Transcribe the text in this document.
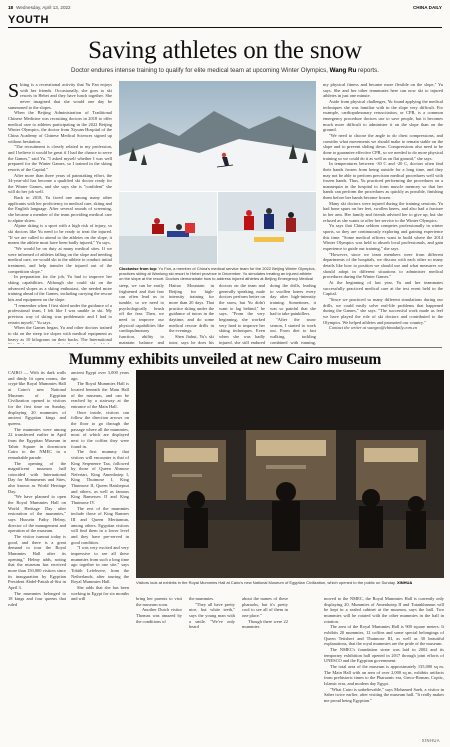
18 Wednesday, April 13, 2022	CHINA DAILY
YOUTH
Saving athletes on the snow
Doctor endures intense training to qualify for elite medical team at upcoming Winter Olympics, Wang Ru reports.
S kiing is a recreational activity that Yu Fan enjoys with her friends. Occasionally, she goes to ski resorts in Hebei and they have lunch together. She never imagined that she would one day be summoned to the slopes.

When the Beijing Administration of Traditional Chinese Medicine was recruiting doctors in 2018 to offer medical care to athletes participating in the 2022 Beijing Winter Olympics, the doctor from Xiyuan Hospital of the China Academy of Chinese Medical Sciences signed up without hesitation.

"The recruitment is closely related to my profession, and I believe it would be great if I had the chance to serve the Games," said Yu. "I asked myself whether I was well prepared for the Winter Games, so I trained in the skiing resorts of the Capital."

After more than three years of painstaking effort, the 34-year-old has become a qualified ski doctor ready for the Winter Games, and she says she is "confident" she will do her job well.

Back in 2018, Yu faced one among many other applicants with her proficiency in medical care, skiing and the English language. After several rounds of screening, she became a member of the team providing medical care to alpine skiers.

Alpine skiing is a sport with a high risk of injury, so ski doctors like Yu need to be ready to treat the injured. "If we are called to attend to the athletes on the slope, it means the athlete must have been badly injured," Yu says.

"We would be on duty at many medical sites. If we were informed of athletes falling on the slope and needing medical care, we would ski to the athlete to conduct initial treatment, and help transfer the injured out of the competition slope."

In preparation for the job, Yu had to improve her skiing capabilities. Although she could ski on the advanced slopes as a skiing enthusiast, she needed more training ahead of the Games, including carrying the rescue kits and equipment on the slope.

"I remember when I first skied under the guidance of a professional team, I felt like I was unable to ski. My previous way of skiing was problematic and I had to retrain myself," Yu says.

When the Games began, Yu and other doctors trained to ski on the steep ice slopes with medical equipment as heavy as 10 kilograms on their backs. The International

Clockwise from top: Yu Fan, a member of China's medical service team for the 2022 Beijing Winter Olympics, practices skiing at Wanlong ski resort in Hebei province in December. Yu simulates treating an injured athlete on the slope at the resort. Doctors demonstrate how to address injured athletes at Beijing Emergency Medical

steep, we can be easily frightened and that fear can often lead us to tumble, so we need to psychologically brush off the fear. Then, we need to improve our physical capabilities like cardiopulmonary function, ability to maintain balance and

Haituo Mountain in Beijing for high-intensity training for more than 20 days. That practice skiing under the guidance of tutors in the daytime, and do some medical rescue drills in the evenings.

Shen Jiahui, Yu's ski tutor, says he does his

doctors on the team and generally speaking, male doctors perform better on the snow, but Yu didn't want to lag behind," he says. "From the very beginning, she worked very hard to improve her skiing techniques. Even when she was badly injured, she still endured

doing the drills, leading to swollen knees every day after high-intensity training. Sometimes, it was so painful that she had to take painkillers.

"After the snow season, I started to work out. From diet to fast walking, tackling combined with running,

my physical fitness and became more flexible on the slope," Yu says. She and her other teammates here can now ski to injured athletes in just one minute.

Aside from physical challenges, Yu found applying the medical techniques she was familiar with in the slope very difficult. For example, cardiopulmonary resuscitation, or CPR, is a common emergency procedure doctors use to save people, but it becomes much more difficult to administer it on the slope than on the ground.

"We need to choose the angle to do chest compressions, and consider what movements we should make to remain stable on the slope and to prevent sliding down. Compressions also need to be done to guarantee effective CPR, so we needed to do more physical training so we could do it as well as on flat ground," she says.

In temperatures between -30 C and -20 C, doctors often find their hands frozen from being outside for a long time, and they may not be able to perform precision medical procedures well with frozen hands. Thus, Yu practiced performing the procedures on a mannequin in the hospital to form muscle memory so that her hands can perform the procedures as quickly as possible, finishing them before her hands become frozen.

Many ski doctors were injured during the training sessions. Yu had bone spurs on her feet, swollen knees, and also had a fracture in her arm. Her family and friends advised her to give up, but she refused as she wants to offer her service to the Winter Olympics.

Yu says that China seldom competes professionally in winter sports, so they are continuously exploring and gaining experience this time. "Some medical officers want to build where the 2014 Winter Olympics was held to absorb local professionals, and gain experience to guide our training," she says.

"However, since we team members were from different departments of the hospitals, we discuss with each other so many details like how to position we should use and what measures we should adopt in different situations to administer medical procedures during the Winter Games."

At the beginning of last year, Yu and her teammates successfully practiced medical care at the test event held in the Capital.

"Since we practiced so many different simulations during our drills, we could easily solve real-life problems that happened during the Games," she says. "The successful work made us feel we have played the role of ski doctors and contributed to the Olympics. We helped athletes and promoted our country."

Contact the writer at wangru@chinadaily.com.cn

Mummy exhibits unveiled at new Cairo museum

CAIRO — With its dark walls and dimly lit open rooms, the crypt-like Royal Mummies Hall at Cairo's new National Museum of Egyptian Civilization opened to visitors for the first time on Sunday, displaying 20 mummies of ancient Egyptian kings and queens.

The mummies were among 22 transferred earlier in April from the Egyptian Museum in Tahrir Square in downtown Cairo to the NMEC in a remarkable parade.

The opening of the magnificent museum hall coincided with International Day for Monuments and Sites, also known as World Heritage Day.

"We have planned to open the Royal Mummies Hall on World Heritage Day after restoration of the mummies," says Hussein Fathy Helmy, director of the management and operation of the museum.

The visitor turnout today is good, and there is a great demand to tour the Royal Mummies Hall after its opening," Helmy adds, noting that the museum has received more than 150,000 visitors since its inauguration by Egyptian President Abdel-Fattah al-Sisi in April 3.

The mummies belonged to 18 kings and four queens that ruled

ancient Egypt over 3,000 years ago.

The Royal Mummies Hall is located beneath the Main Hall of the museum, and can be reached by a stairway at the entrance of the Main Hall.

Once inside, visitors can follow the direction arrows on the floor to go through the passage where all the mummies, most of which are displayed next to the coffins they were found in.

The first mummy that visitors will encounter is that of King Seqenenre Taa, followed by those of Queen Ahmose Nefertari, King Amenhotep I, King Thutmose I, King Thutmose II, Queen Hatshepsut and others, as well as famous King Ramesses II and King Thutmose IV.

The rest of the mummies include those of King Ramses III and Queen Meritamun, among others. Egyptian visitors will find them in a lower level and they have pre-served in good condition.

"I was very excited and very impressive to see all these mummies from such a long time ago together in one site," says Tobith Lefebvere, from the Netherlands, after touring the Royal Mummies Hall.

She adds that she has been working in Egypt for six months and will

Visitors look at exhibits in the Royal Mummies Hall at Cairo's new National Museum of Egyptian Civilization, which opened to the public on Sunday. XINHUA

bring her parents to visit the museum soon.

Another Dutch visitor Thomas was amazed by the conditions of

the mummies.

"They all have pretty nice, but white teeth," says the young man with a smile. "We've only heard

about the names of these pharaohs, but it's pretty cool to see all of them in one place."

Though there were 22 mummies

moved to the NMEC, the Royal Mummies Hall is currently only displaying 20. Mummies of Amenhotep II and Tutankhamun will be kept in a sealed cabinet at the museum, says the hall. Two mummies will be rotated with the other mummies in the hall in rotation.

The area of the Royal Mummies Hall is 900 square meters. It exhibits 20 mummies, 12 coffins and some special belongings of Queen Tetisheri and Thutmose III, as well as 30 beautiful explanations, that the royal mummies are the pride of the museum.

The NMEC's foundation stone was laid in 2002 and its temporary exhibition hall opened in 2017 through joint efforts of UNESCO and the Egyptian government.

The total area of the museum is approximately 135,000 sq m. The Main Hall with an area of over 2,000 sq m, exhibits artifacts from prehistoric times to the Pharaonic era, Greco-Roman, Coptic, Islamic eras, and modern day Egypt.

"What Cairo is unbelievable," says Mohamed Saeb, a visitor in Saber twice earlier, after visiting the museum hall. "It really makes me proud being Egyptian."

XINHUA
